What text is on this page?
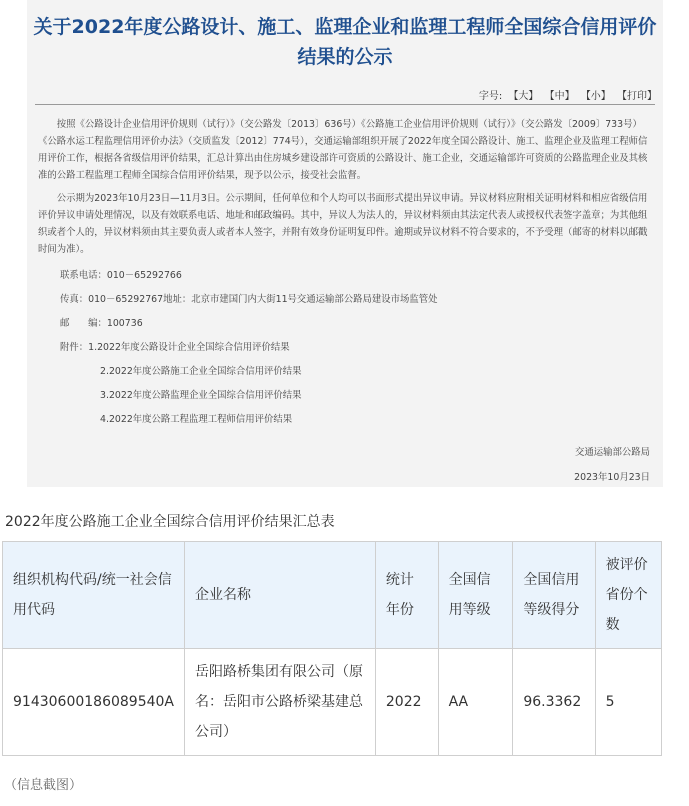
关于2022年度公路设计、施工、监理企业和监理工程师全国综合信用评价
结果的公示
字号: 【大】 【中】 【小】 【打印】

按照《公路设计企业信用评价规则（试行）》（交公路发〔2013〕636号）《公路施工企业信用评价规则（试行）》（交公路发〔2009〕733号）《公路水运工程监理信用评价办法》（交质监发〔2012〕774号），交通运输部组织开展了2022年度全国公路设计、施工、监理企业及监理工程师信用评价工作，根据各省级信用评价结果，汇总计算出由住房城乡建设部许可资质的公路设计、施工企业，交通运输部许可资质的公路监理企业及其核准的公路工程监理工程师全国综合信用评价结果，现予以公示，接受社会监督。

公示期为2023年10月23日—11月3日。公示期间，任何单位和个人均可以书面形式提出异议申请。异议材料应附相关证明材料和相应省级信用评价异议申请处理情况，以及有效联系电话、地址和邮政编码。其中，异议人为法人的，异议材料须由其法定代表人或授权代表签字盖章；为其他组织或者个人的，异议材料须由其主要负责人或者本人签字，并附有效身份证明复印件。逾期或异议材料不符合要求的，不予受理（邮寄的材料以邮戳时间为准）。

联系电话：010－65292766
传真：010－65292767地址：北京市建国门内大街11号交通运输部公路局建设市场监管处
邮　　编：100736
附件：1.2022年度公路设计企业全国综合信用评价结果
2.2022年度公路施工企业全国综合信用评价结果
3.2022年度公路监理企业全国综合信用评价结果
4.2022年度公路工程监理工程师信用评价结果
交通运输部公路局
2023年10月23日
2022年度公路施工企业全国综合信用评价结果汇总表
组织机构代码/统一社会信用代码	企业名称	统计年份	全国信用等级	全国信用等级得分	被评价省份个数
91430600186089540A	岳阳路桥集团有限公司（原名：岳阳市公路桥梁基建总公司）	2022	AA	96.3362	5
（信息截图）
